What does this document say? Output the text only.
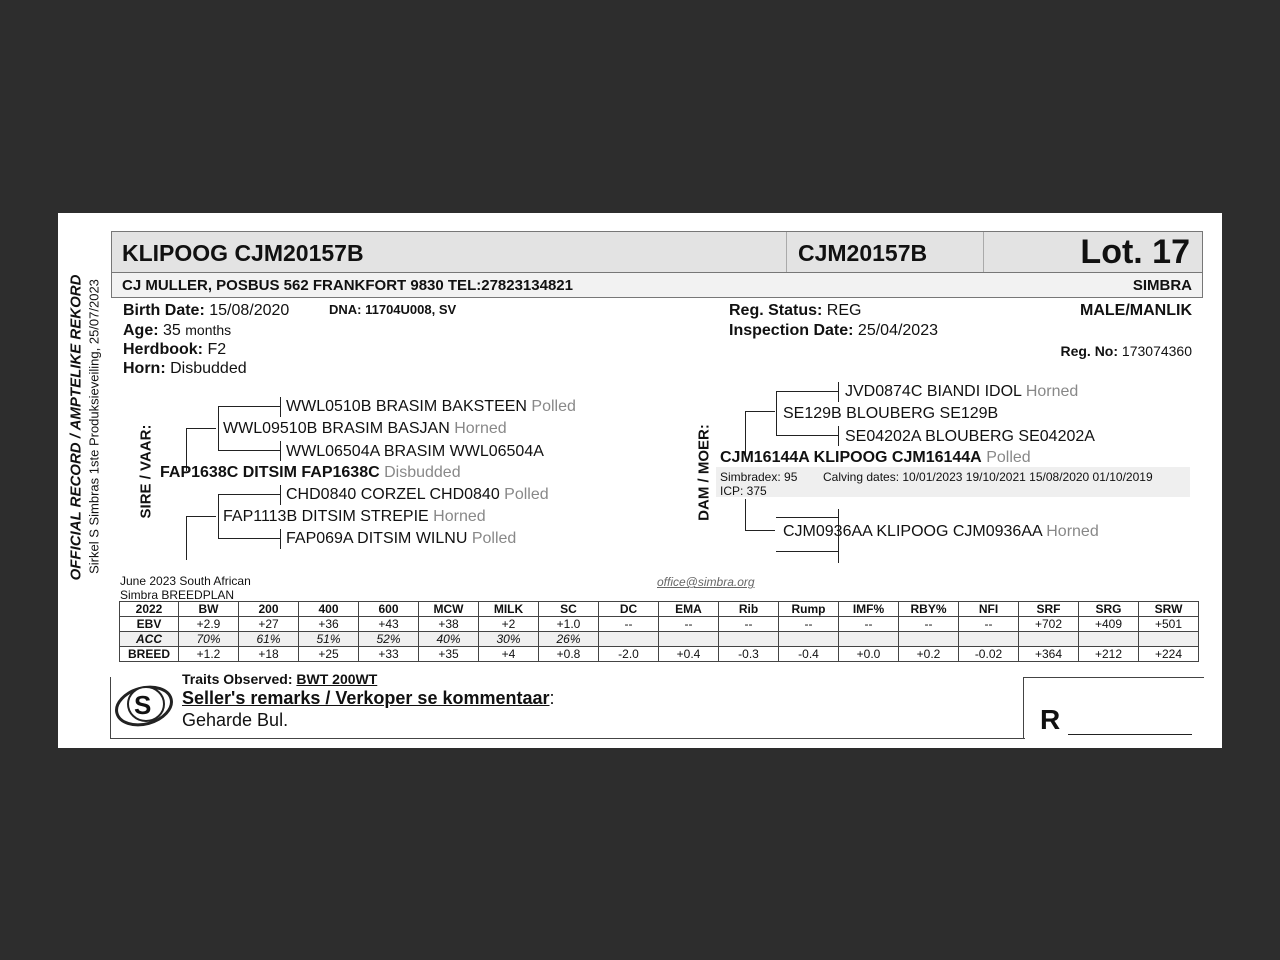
OFFICIAL RECORD / AMPTELIKE REKORD Sirkel S Simbras 1ste Produksieveiling, 25/07/2023
KLIPOOG CJM20157B	CJM20157B	Lot. 17
CJ MULLER, POSBUS 562 FRANKFORT 9830 TEL:27823134821	SIMBRA
Birth Date: 15/08/2020	DNA: 11704U008, SV
Age: 35 months
Herdbook: F2
Horn: Disbudded
Reg. Status: REG
Inspection Date: 25/04/2023
MALE/MANLIK
Reg. No: 173074360
SIRE / VAAR:
WWL0510B BRASIM BAKSTEEN Polled
WWL09510B BRASIM BASJAN Horned
WWL06504A BRASIM WWL06504A
FAP1638C DITSIM FAP1638C Disbudded
CHD0840 CORZEL CHD0840 Polled
FAP1113B DITSIM STREPIE Horned
FAP069A DITSIM WILNU Polled
DAM / MOER:
JVD0874C BIANDI IDOL Horned
SE129B BLOUBERG SE129B
SE04202A BLOUBERG SE04202A
CJM16144A KLIPOOG CJM16144A Polled
Simbradex: 95 Calving dates: 10/01/2023 19/10/2021 15/08/2020 01/10/2019
ICP: 375
CJM0936AA KLIPOOG CJM0936AA Horned
June 2023 South African
Simbra BREEDPLAN
office@simbra.org
2022	BW	200	400	600	MCW	MILK	SC	DC	EMA	Rib	Rump	IMF%	RBY%	NFI	SRF	SRG	SRW
EBV	+2.9	+27	+36	+43	+38	+2	+1.0	--	--	--	--	--	--	--	+702	+409	+501
ACC	70%	61%	51%	52%	40%	30%	26%										
BREED	+1.2	+18	+25	+33	+35	+4	+0.8	-2.0	+0.4	-0.3	-0.4	+0.0	+0.2	-0.02	+364	+212	+224
R
S
Traits Observed: BWT 200WT
Seller's remarks / Verkoper se kommentaar:
Geharde Bul.
